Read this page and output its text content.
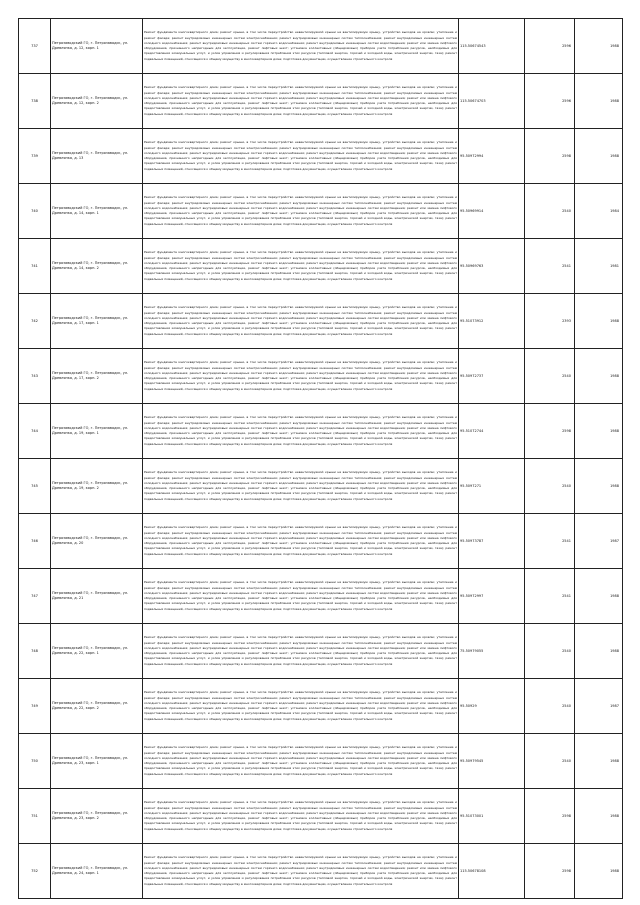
737	Петрозаводский ГО, г. Петрозаводск, ул. Древлянка, д. 12, корп. 1	Ремонт фундамента многоквартирного дома; ремонт крыши, в том числе переустройство невентилируемой крыши на вентилируемую крышу, устройство выходов на кровлю; утепление и ремонт фасада; ремонт внутридомовых инженерных систем электроснабжения; ремонт внутридомовых инженерных систем теплоснабжения; ремонт внутридомовых инженерных систем холодного водоснабжения; ремонт внутридомовых инженерных систем горячего водоснабжения; ремонт внутридомовых инженерных систем водоотведения; ремонт или замена лифтового оборудования, признанного непригодным для эксплуатации, ремонт лифтовых шахт; установка коллективных (общедомовых) приборов учета потребления ресурсов, необходимых для предоставления коммунальных услуг, и узлов управления и регулирования потребления этих ресурсов (тепловой энергии, горячей и холодной воды, электрической энергии, газа); ремонт подвальных помещений, относящихся к общему имуществу в многоквартирном доме; подготовка документации, осуществление строительного контроля	115.50674543	2596	1988
738	Петрозаводский ГО, г. Петрозаводск, ул. Древлянка, д. 12, корп. 2	Ремонт фундамента многоквартирного дома; ремонт крыши, в том числе переустройство невентилируемой крыши на вентилируемую крышу, устройство выходов на кровлю; утепление и ремонт фасада; ремонт внутридомовых инженерных систем электроснабжения; ремонт внутридомовых инженерных систем теплоснабжения; ремонт внутридомовых инженерных систем холодного водоснабжения; ремонт внутридомовых инженерных систем горячего водоснабжения; ремонт внутридомовых инженерных систем водоотведения; ремонт или замена лифтового оборудования, признанного непригодным для эксплуатации, ремонт лифтовых шахт; установка коллективных (общедомовых) приборов учета потребления ресурсов, необходимых для предоставления коммунальных услуг, и узлов управления и регулирования потребления этих ресурсов (тепловой энергии, горячей и холодной воды, электрической энергии, газа); ремонт подвальных помещений, относящихся к общему имуществу в многоквартирном доме; подготовка документации, осуществление строительного контроля	115.50674703	2596	1988
739	Петрозаводский ГО, г. Петрозаводск, ул. Древлянка, д. 13	Ремонт фундамента многоквартирного дома; ремонт крыши, в том числе переустройство невентилируемой крыши на вентилируемую крышу, устройство выходов на кровлю; утепление и ремонт фасада; ремонт внутридомовых инженерных систем электроснабжения; ремонт внутридомовых инженерных систем теплоснабжения; ремонт внутридомовых инженерных систем холодного водоснабжения; ремонт внутридомовых инженерных систем горячего водоснабжения; ремонт внутридомовых инженерных систем водоотведения; ремонт или замена лифтового оборудования, признанного непригодным для эксплуатации, ремонт лифтовых шахт; установка коллективных (общедомовых) приборов учета потребления ресурсов, необходимых для предоставления коммунальных услуг, и узлов управления и регулирования потребления этих ресурсов (тепловой энергии, горячей и холодной воды, электрической энергии, газа); ремонт подвальных помещений, относящихся к общему имуществу в многоквартирном доме; подготовка документации, осуществление строительного контроля	95.50972994	2598	1988
740	Петрозаводский ГО, г. Петрозаводск, ул. Древлянка, д. 14, корп. 1	Ремонт фундамента многоквартирного дома; ремонт крыши, в том числе переустройство невентилируемой крыши на вентилируемую крышу, устройство выходов на кровлю; утепление и ремонт фасада; ремонт внутридомовых инженерных систем электроснабжения; ремонт внутридомовых инженерных систем теплоснабжения; ремонт внутридомовых инженерных систем холодного водоснабжения; ремонт внутридомовых инженерных систем горячего водоснабжения; ремонт внутридомовых инженерных систем водоотведения; ремонт или замена лифтового оборудования, признанного непригодным для эксплуатации, ремонт лифтовых шахт; установка коллективных (общедомовых) приборов учета потребления ресурсов, необходимых для предоставления коммунальных услуг, и узлов управления и регулирования потребления этих ресурсов (тепловой энергии, горячей и холодной воды, электрической энергии, газа); ремонт подвальных помещений, относящихся к общему имуществу в многоквартирном доме; подготовка документации, осуществление строительного контроля	95.50969914	2540	1984
741	Петрозаводский ГО, г. Петрозаводск, ул. Древлянка, д. 14, корп. 2	Ремонт фундамента многоквартирного дома; ремонт крыши, в том числе переустройство невентилируемой крыши на вентилируемую крышу, устройство выходов на кровлю; утепление и ремонт фасада; ремонт внутридомовых инженерных систем электроснабжения; ремонт внутридомовых инженерных систем теплоснабжения; ремонт внутридомовых инженерных систем холодного водоснабжения; ремонт внутридомовых инженерных систем горячего водоснабжения; ремонт внутридомовых инженерных систем водоотведения; ремонт или замена лифтового оборудования, признанного непригодным для эксплуатации, ремонт лифтовых шахт; установка коллективных (общедомовых) приборов учета потребления ресурсов, необходимых для предоставления коммунальных услуг, и узлов управления и регулирования потребления этих ресурсов (тепловой энергии, горячей и холодной воды, электрической энергии, газа); ремонт подвальных помещений, относящихся к общему имуществу в многоквартирном доме; подготовка документации, осуществление строительного контроля	95.50969763	2541	1981
742	Петрозаводский ГО, г. Петрозаводск, ул. Древлянка, д. 17, корп. 1	Ремонт фундамента многоквартирного дома; ремонт крыши, в том числе переустройство невентилируемой крыши на вентилируемую крышу, устройство выходов на кровлю; утепление и ремонт фасада; ремонт внутридомовых инженерных систем электроснабжения; ремонт внутридомовых инженерных систем теплоснабжения; ремонт внутридомовых инженерных систем холодного водоснабжения; ремонт внутридомовых инженерных систем горячего водоснабжения; ремонт внутридомовых инженерных систем водоотведения; ремонт или замена лифтового оборудования, признанного непригодным для эксплуатации, ремонт лифтовых шахт; установка коллективных (общедомовых) приборов учета потребления ресурсов, необходимых для предоставления коммунальных услуг, и узлов управления и регулирования потребления этих ресурсов (тепловой энергии, горячей и холодной воды, электрической энергии, газа); ремонт подвальных помещений, относящихся к общему имуществу в многоквартирном доме; подготовка документации, осуществление строительного контроля	95.51073912	2393	1988
743	Петрозаводский ГО, г. Петрозаводск, ул. Древлянка, д. 17, корп. 2	Ремонт фундамента многоквартирного дома; ремонт крыши, в том числе переустройство невентилируемой крыши на вентилируемую крышу, устройство выходов на кровлю; утепление и ремонт фасада; ремонт внутридомовых инженерных систем электроснабжения; ремонт внутридомовых инженерных систем теплоснабжения; ремонт внутридомовых инженерных систем холодного водоснабжения; ремонт внутридомовых инженерных систем горячего водоснабжения; ремонт внутридомовых инженерных систем водоотведения; ремонт или замена лифтового оборудования, признанного непригодным для эксплуатации, ремонт лифтовых шахт; установка коллективных (общедомовых) приборов учета потребления ресурсов, необходимых для предоставления коммунальных услуг, и узлов управления и регулирования потребления этих ресурсов (тепловой энергии, горячей и холодной воды, электрической энергии, газа); ремонт подвальных помещений, относящихся к общему имуществу в многоквартирном доме; подготовка документации, осуществление строительного контроля	95.50972737	2540	1988
744	Петрозаводский ГО, г. Петрозаводск, ул. Древлянка, д. 19, корп. 1	Ремонт фундамента многоквартирного дома; ремонт крыши, в том числе переустройство невентилируемой крыши на вентилируемую крышу, устройство выходов на кровлю; утепление и ремонт фасада; ремонт внутридомовых инженерных систем электроснабжения; ремонт внутридомовых инженерных систем теплоснабжения; ремонт внутридомовых инженерных систем холодного водоснабжения; ремонт внутридомовых инженерных систем горячего водоснабжения; ремонт внутридомовых инженерных систем водоотведения; ремонт или замена лифтового оборудования, признанного непригодным для эксплуатации, ремонт лифтовых шахт; установка коллективных (общедомовых) приборов учета потребления ресурсов, необходимых для предоставления коммунальных услуг, и узлов управления и регулирования потребления этих ресурсов (тепловой энергии, горячей и холодной воды, электрической энергии, газа); ремонт подвальных помещений, относящихся к общему имуществу в многоквартирном доме; подготовка документации, осуществление строительного контроля	95.51072744	2598	1988
745	Петрозаводский ГО, г. Петрозаводск, ул. Древлянка, д. 19, корп. 2	Ремонт фундамента многоквартирного дома; ремонт крыши, в том числе переустройство невентилируемой крыши на вентилируемую крышу, устройство выходов на кровлю; утепление и ремонт фасада; ремонт внутридомовых инженерных систем электроснабжения; ремонт внутридомовых инженерных систем теплоснабжения; ремонт внутридомовых инженерных систем холодного водоснабжения; ремонт внутридомовых инженерных систем горячего водоснабжения; ремонт внутридомовых инженерных систем водоотведения; ремонт или замена лифтового оборудования, признанного непригодным для эксплуатации, ремонт лифтовых шахт; установка коллективных (общедомовых) приборов учета потребления ресурсов, необходимых для предоставления коммунальных услуг, и узлов управления и регулирования потребления этих ресурсов (тепловой энергии, горячей и холодной воды, электрической энергии, газа); ремонт подвальных помещений, относящихся к общему имуществу в многоквартирном доме; подготовка документации, осуществление строительного контроля	95.5097271	2540	1988
746	Петрозаводский ГО, г. Петрозаводск, ул. Древлянка, д. 20	Ремонт фундамента многоквартирного дома; ремонт крыши, в том числе переустройство невентилируемой крыши на вентилируемую крышу, устройство выходов на кровлю; утепление и ремонт фасада; ремонт внутридомовых инженерных систем электроснабжения; ремонт внутридомовых инженерных систем теплоснабжения; ремонт внутридомовых инженерных систем холодного водоснабжения; ремонт внутридомовых инженерных систем горячего водоснабжения; ремонт внутридомовых инженерных систем водоотведения; ремонт или замена лифтового оборудования, признанного непригодным для эксплуатации, ремонт лифтовых шахт; установка коллективных (общедомовых) приборов учета потребления ресурсов, необходимых для предоставления коммунальных услуг, и узлов управления и регулирования потребления этих ресурсов (тепловой энергии, горячей и холодной воды, электрической энергии, газа); ремонт подвальных помещений, относящихся к общему имуществу в многоквартирном доме; подготовка документации, осуществление строительного контроля	95.50973787	2541	1987
747	Петрозаводский ГО, г. Петрозаводск, ул. Древлянка, д. 21	Ремонт фундамента многоквартирного дома; ремонт крыши, в том числе переустройство невентилируемой крыши на вентилируемую крышу, устройство выходов на кровлю; утепление и ремонт фасада; ремонт внутридомовых инженерных систем электроснабжения; ремонт внутридомовых инженерных систем теплоснабжения; ремонт внутридомовых инженерных систем холодного водоснабжения; ремонт внутридомовых инженерных систем горячего водоснабжения; ремонт внутридомовых инженерных систем водоотведения; ремонт или замена лифтового оборудования, признанного непригодным для эксплуатации, ремонт лифтовых шахт; установка коллективных (общедомовых) приборов учета потребления ресурсов, необходимых для предоставления коммунальных услуг, и узлов управления и регулирования потребления этих ресурсов (тепловой энергии, горячей и холодной воды, электрической энергии, газа); ремонт подвальных помещений, относящихся к общему имуществу в многоквартирном доме; подготовка документации, осуществление строительного контроля	95.50972997	2541	1988
748	Петрозаводский ГО, г. Петрозаводск, ул. Древлянка, д. 22, корп. 1	Ремонт фундамента многоквартирного дома; ремонт крыши, в том числе переустройство невентилируемой крыши на вентилируемую крышу, устройство выходов на кровлю; утепление и ремонт фасада; ремонт внутридомовых инженерных систем электроснабжения; ремонт внутридомовых инженерных систем теплоснабжения; ремонт внутридомовых инженерных систем холодного водоснабжения; ремонт внутридомовых инженерных систем горячего водоснабжения; ремонт внутридомовых инженерных систем водоотведения; ремонт или замена лифтового оборудования, признанного непригодным для эксплуатации, ремонт лифтовых шахт; установка коллективных (общедомовых) приборов учета потребления ресурсов, необходимых для предоставления коммунальных услуг, и узлов управления и регулирования потребления этих ресурсов (тепловой энергии, горячей и холодной воды, электрической энергии, газа); ремонт подвальных помещений, относящихся к общему имуществу в многоквартирном доме; подготовка документации, осуществление строительного контроля	75.50979055	2540	1988
749	Петрозаводский ГО, г. Петрозаводск, ул. Древлянка, д. 22, корп. 2	Ремонт фундамента многоквартирного дома; ремонт крыши, в том числе переустройство невентилируемой крыши на вентилируемую крышу, устройство выходов на кровлю; утепление и ремонт фасада; ремонт внутридомовых инженерных систем электроснабжения; ремонт внутридомовых инженерных систем теплоснабжения; ремонт внутридомовых инженерных систем холодного водоснабжения; ремонт внутридомовых инженерных систем горячего водоснабжения; ремонт внутридомовых инженерных систем водоотведения; ремонт или замена лифтового оборудования, признанного непригодным для эксплуатации, ремонт лифтовых шахт; установка коллективных (общедомовых) приборов учета потребления ресурсов, необходимых для предоставления коммунальных услуг, и узлов управления и регулирования потребления этих ресурсов (тепловой энергии, горячей и холодной воды, электрической энергии, газа); ремонт подвальных помещений, относящихся к общему имуществу в многоквартирном доме; подготовка документации, осуществление строительного контроля	95.50929	2540	1987
750	Петрозаводский ГО, г. Петрозаводск, ул. Древлянка, д. 23, корп. 1	Ремонт фундамента многоквартирного дома; ремонт крыши, в том числе переустройство невентилируемой крыши на вентилируемую крышу, устройство выходов на кровлю; утепление и ремонт фасада; ремонт внутридомовых инженерных систем электроснабжения; ремонт внутридомовых инженерных систем теплоснабжения; ремонт внутридомовых инженерных систем холодного водоснабжения; ремонт внутридомовых инженерных систем горячего водоснабжения; ремонт внутридомовых инженерных систем водоотведения; ремонт или замена лифтового оборудования, признанного непригодным для эксплуатации, ремонт лифтовых шахт; установка коллективных (общедомовых) приборов учета потребления ресурсов, необходимых для предоставления коммунальных услуг, и узлов управления и регулирования потребления этих ресурсов (тепловой энергии, горячей и холодной воды, электрической энергии, газа); ремонт подвальных помещений, относящихся к общему имуществу в многоквартирном доме; подготовка документации, осуществление строительного контроля	95.50979545	2540	1988
751	Петрозаводский ГО, г. Петрозаводск, ул. Древлянка, д. 23, корп. 2	Ремонт фундамента многоквартирного дома; ремонт крыши, в том числе переустройство невентилируемой крыши на вентилируемую крышу, устройство выходов на кровлю; утепление и ремонт фасада; ремонт внутридомовых инженерных систем электроснабжения; ремонт внутридомовых инженерных систем теплоснабжения; ремонт внутридомовых инженерных систем холодного водоснабжения; ремонт внутридомовых инженерных систем горячего водоснабжения; ремонт внутридомовых инженерных систем водоотведения; ремонт или замена лифтового оборудования, признанного непригодным для эксплуатации, ремонт лифтовых шахт; установка коллективных (общедомовых) приборов учета потребления ресурсов, необходимых для предоставления коммунальных услуг, и узлов управления и регулирования потребления этих ресурсов (тепловой энергии, горячей и холодной воды, электрической энергии, газа); ремонт подвальных помещений, относящихся к общему имуществу в многоквартирном доме; подготовка документации, осуществление строительного контроля	95.51073001	2598	1988
752	Петрозаводский ГО, г. Петрозаводск, ул. Древлянка, д. 24, корп. 1	Ремонт фундамента многоквартирного дома; ремонт крыши, в том числе переустройство невентилируемой крыши на вентилируемую крышу, устройство выходов на кровлю; утепление и ремонт фасада; ремонт внутридомовых инженерных систем электроснабжения; ремонт внутридомовых инженерных систем теплоснабжения; ремонт внутридомовых инженерных систем холодного водоснабжения; ремонт внутридомовых инженерных систем горячего водоснабжения; ремонт внутридомовых инженерных систем водоотведения; ремонт или замена лифтового оборудования, признанного непригодным для эксплуатации, ремонт лифтовых шахт; установка коллективных (общедомовых) приборов учета потребления ресурсов, необходимых для предоставления коммунальных услуг, и узлов управления и регулирования потребления этих ресурсов (тепловой энергии, горячей и холодной воды, электрической энергии, газа); ремонт подвальных помещений, относящихся к общему имуществу в многоквартирном доме; подготовка документации, осуществление строительного контроля	115.50678108	2598	1988
